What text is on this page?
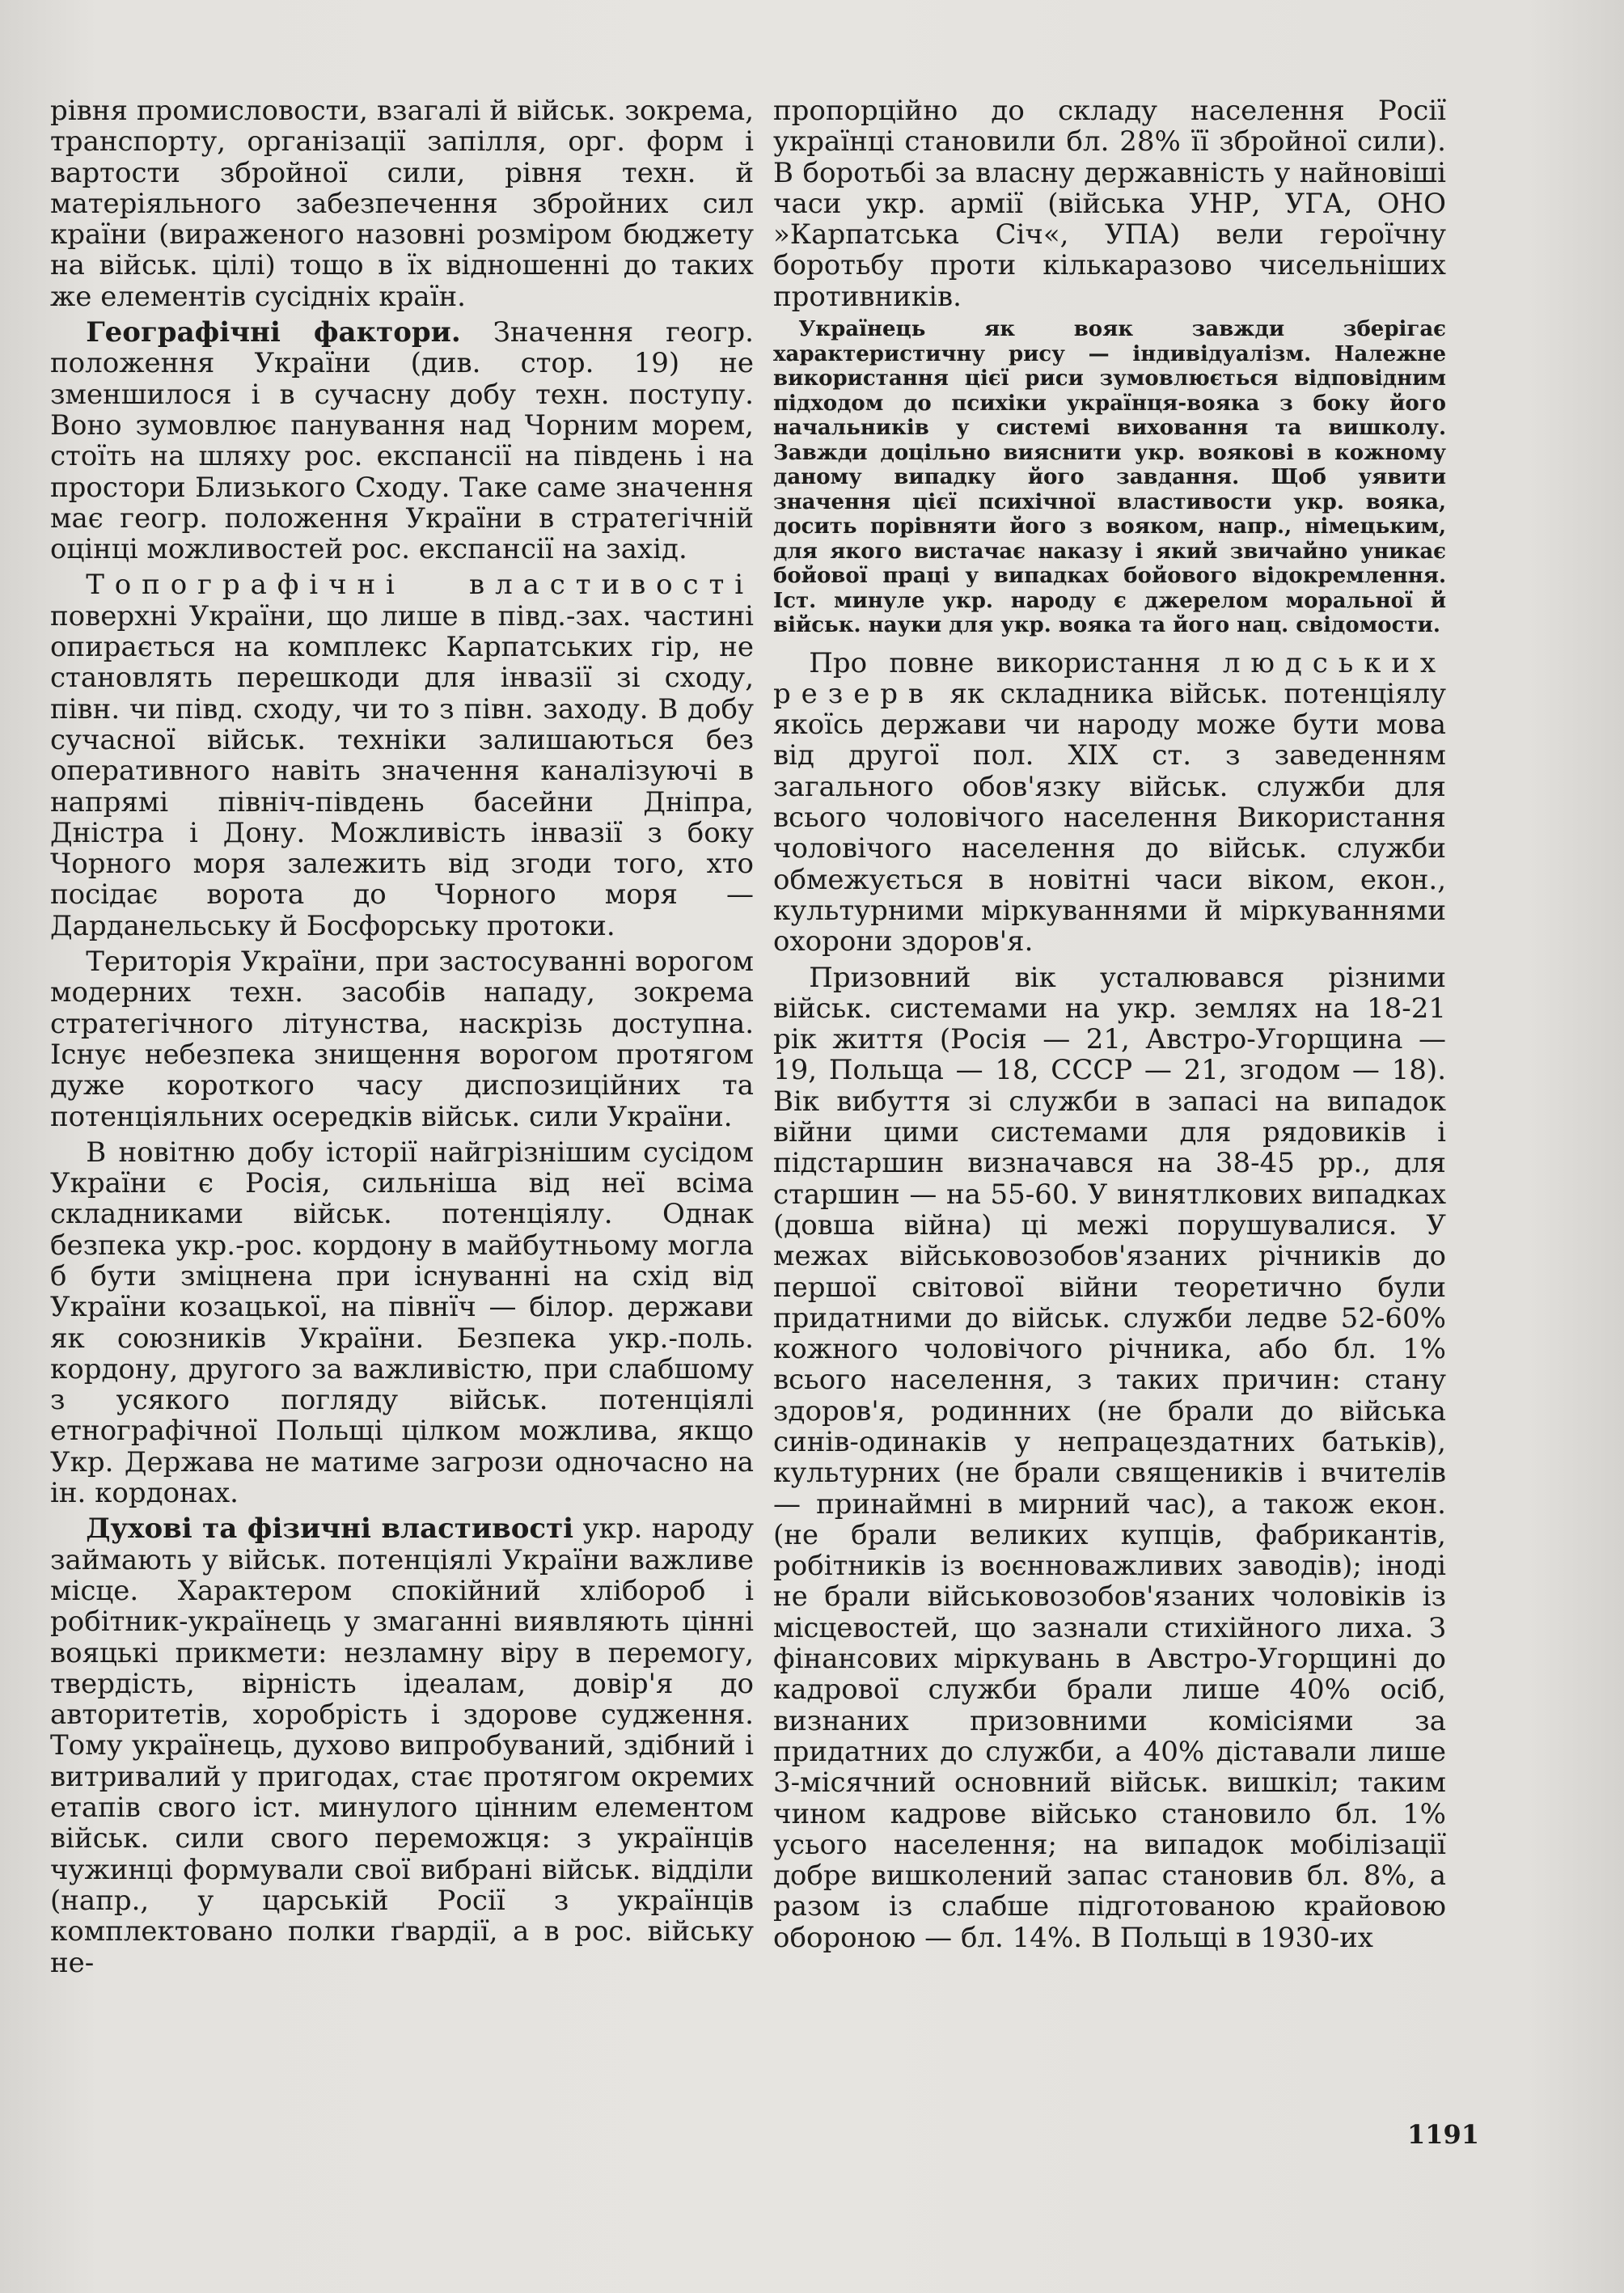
рівня промисловости, взагалі й військ. зокрема, транспорту, організації запілля, орг. форм і вартости збройної сили, рівня техн. й матеріяльного забезпечення збройних сил країни (вираженого назовні розміром бюджету на військ. цілі) тощо в їх відношенні до таких же елементів сусідніх країн.

Географічні фактори. Значення геогр. положення України (див. стор. 19) не зменшилося і в сучасну добу техн. поступу. Воно зумовлює панування над Чорним морем, стоїть на шляху рос. експансії на південь і на простори Близького Сходу. Таке саме значення має геогр. положення України в стратегічній оцінці можливостей рос. експансії на захід.

Топографічні властивості поверхні України, що лише в півд.-зах. частині опирається на комплекс Карпатських гір, не становлять перешкоди для інвазії зі сходу, півн. чи півд. сходу, чи то з півн. заходу. В добу сучасної військ. техніки залишаються без оперативного навіть значення каналізуючі в напрямі північ-південь басейни Дніпра, Дністра і Дону. Можливість інвазії з боку Чорного моря залежить від згоди того, хто посідає ворота до Чорного моря — Дарданельську й Босфорську протоки.

Територія України, при застосуванні ворогом модерних техн. засобів нападу, зокрема стратегічного літунства, наскрізь доступна. Існує небезпека знищення ворогом протягом дуже короткого часу диспозиційних та потенціяльних осередків військ. сили України.

В новітню добу історії найгрізнішим сусідом України є Росія, сильніша від неї всіма складниками військ. потенціялу. Однак безпека укр.-рос. кордону в майбутньому могла б бути зміцнена при існуванні на схід від України козацької, на півнїч — білор. держави як союзників України. Безпека укр.-поль. кордону, другого за важливістю, при слабшому з усякого погляду військ. потенціялі етнографічної Польщі цілком можлива, якщо Укр. Держава не матиме загрози одночасно на ін. кордонах.

Духові та фізичні властивості укр. народу займають у військ. потенціялі України важливе місце. Характером спокійний хлібороб і робітник-українець у змаганні виявляють цінні вояцькі прикмети: незламну віру в перемогу, твердість, вірність ідеалам, довір'я до авторитетів, хоробрість і здорове судження. Тому українець, духово випробуваний, здібний і витривалий у пригодах, стає протягом окремих етапів свого іст. минулого цінним елементом військ. сили свого переможця: з українців чужинці формували свої вибрані військ. відділи (напр., у царській Росії з українців комплектовано полки ґвардії, а в рос. війську не-

пропорційно до складу населення Росії українці становили бл. 28% її збройної сили). В боротьбі за власну державність у найновіші часи укр. армії (війська УНР, УГА, ОНО »Карпатська Січ«, УПА) вели героїчну боротьбу проти кількаразово чисельніших противників.

Українець як вояк завжди зберігає характеристичну рису — індивідуалізм. Належне використання цієї риси зумовлюється відповідним підходом до психіки українця-вояка з боку його начальників у системі виховання та вишколу. Завжди доцільно вияснити укр. воякові в кожному даному випадку його завдання. Щоб уявити значення цієї психічної властивости укр. вояка, досить порівняти його з вояком, напр., німецьким, для якого вистачає наказу і який звичайно уникає бойової праці у випадках бойового відокремлення. Іст. минуле укр. народу є джерелом моральної й військ. науки для укр. вояка та його нац. свідомости.

Про повне використання людських резерв як складника військ. потенціялу якоїсь держави чи народу може бути мова від другої пол. XIX ст. з заведенням загального обов'язку військ. служби для всього чоловічого населення Використання чоловічого населення до військ. служби обмежується в новітні часи віком, екон., культурними міркуваннями й міркуваннями охорони здоров'я.

Призовний вік усталювався різними військ. системами на укр. землях на 18-21 рік життя (Росія — 21, Австро-Угорщина — 19, Польща — 18, СССР — 21, згодом — 18). Вік вибуття зі служби в запасі на випадок війни цими системами для рядовиків і підстаршин визначався на 38-45 рр., для старшин — на 55-60. У винятлкових випадках (довша війна) ці межі порушувалися. У межах військовозобов'язаних річників до першої світової війни теоретично були придатними до військ. служби ледве 52-60% кожного чоловічого річника, або бл. 1% всього населення, з таких причин: стану здоров'я, родинних (не брали до війська синів-одинаків у непрацездатних батьків), культурних (не брали священиків і вчителів — принаймні в мирний час), а також екон. (не брали великих купців, фабрикантів, робітників із воєнноважливих заводів); іноді не брали військовозобов'язаних чоловіків із місцевостей, що зазнали стихійного лиха. З фінансових міркувань в Австро-Угорщині до кадрової служби брали лише 40% осіб, визнаних призовними комісіями за придатних до служби, а 40% діставали лише 3-місячний основний військ. вишкіл; таким чином кадрове військо становило бл. 1% усього населення; на випадок мобілізації добре вишколений запас становив бл. 8%, а разом із слабше підготованою крайовою обороною — бл. 14%. В Польщі в 1930-их

1191
